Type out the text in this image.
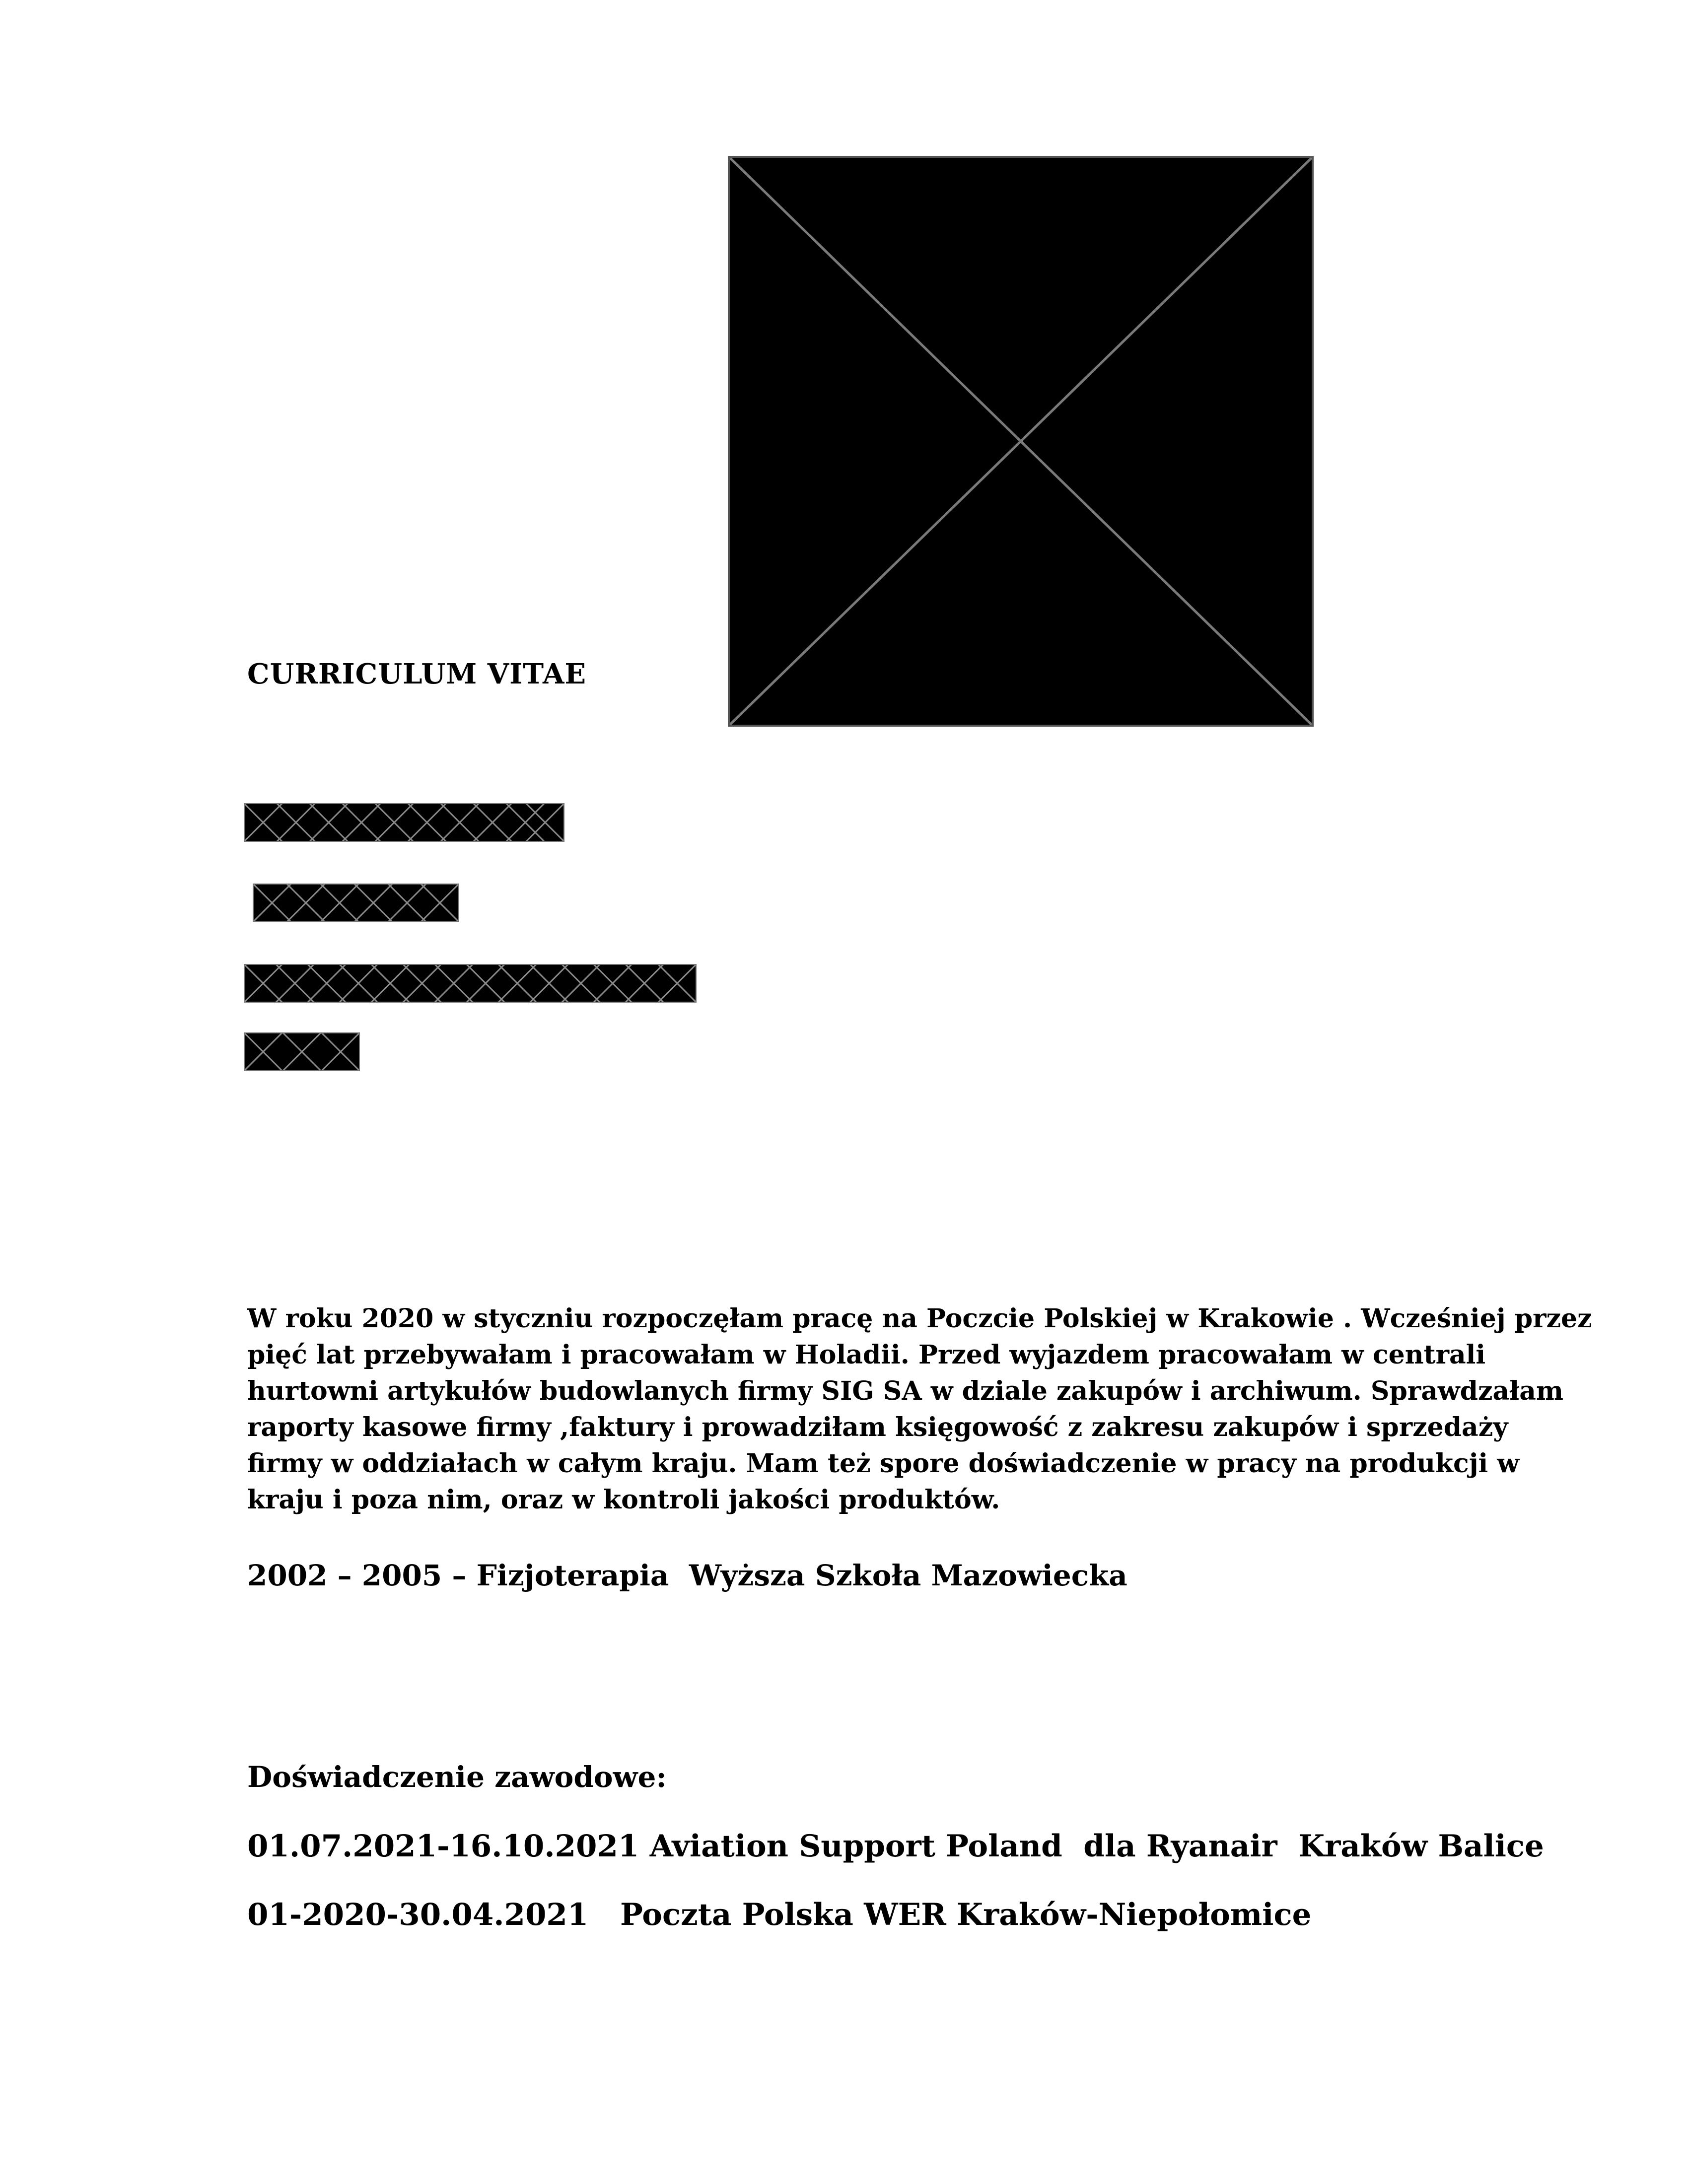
CURRICULUM VITAE
W roku 2020 w styczniu rozpoczęłam pracę na Poczcie Polskiej w Krakowie . Wcześniej przez
pięć lat przebywałam i pracowałam w Holadii. Przed wyjazdem pracowałam w centrali
hurtowni artykułów budowlanych firmy SIG SA w dziale zakupów i archiwum. Sprawdzałam
raporty kasowe firmy ,faktury i prowadziłam księgowość z zakresu zakupów i sprzedaży
firmy w oddziałach w całym kraju. Mam też spore doświadczenie w pracy na produkcji w
kraju i poza nim, oraz w kontroli jakości produktów.
2002 – 2005 – Fizjoterapia  Wyższa Szkoła Mazowiecka
Doświadczenie zawodowe:
01.07.2021-16.10.2021 Aviation Support Poland  dla Ryanair  Kraków Balice
01-2020-30.04.2021   Poczta Polska WER Kraków-Niepołomice
